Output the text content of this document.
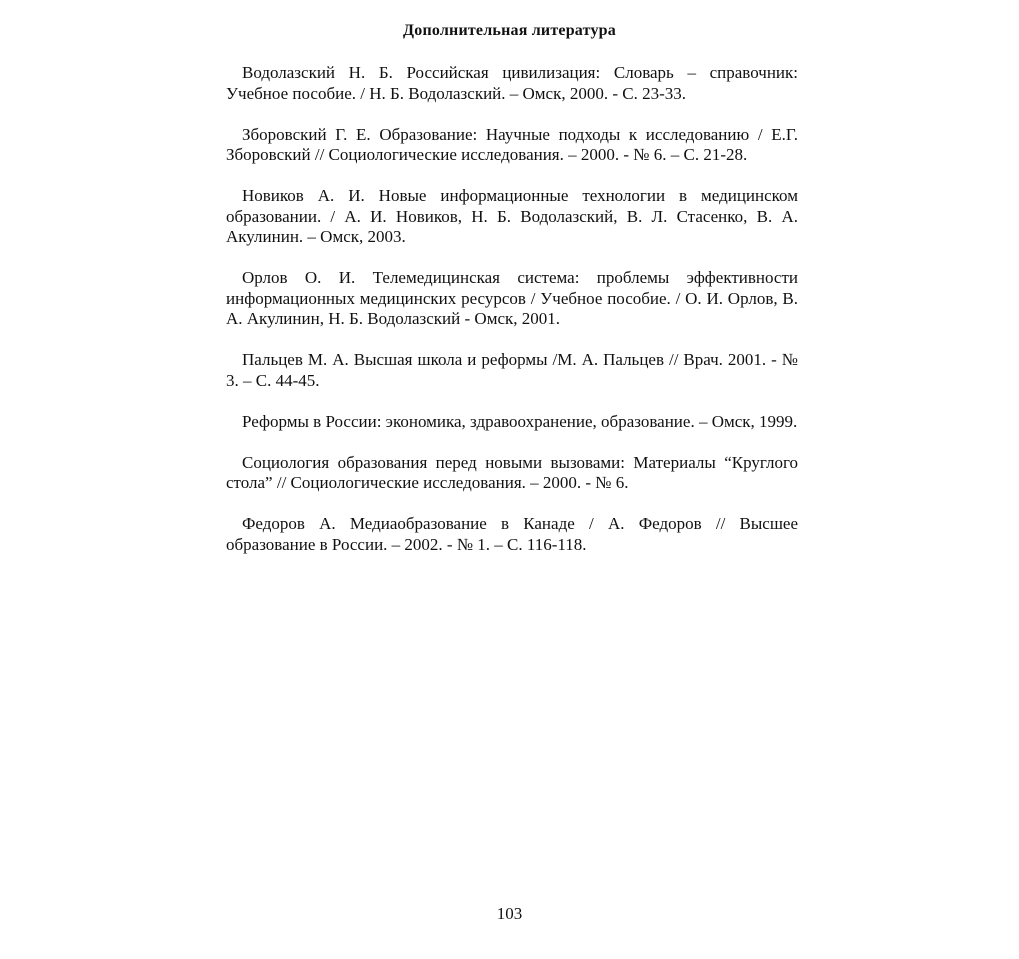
Дополнительная литература

Водолазский Н. Б. Российская цивилизация: Словарь – справочник: Учебное пособие. / Н. Б. Водолазский. – Омск, 2000. - С. 23-33.

Зборовский Г. Е. Образование: Научные подходы к исследованию / Е.Г. Зборовский // Социологические исследования. – 2000. - № 6. – С. 21-28.

Новиков А. И. Новые информационные технологии в медицинском образовании. / А. И. Новиков, Н. Б. Водолазский, В. Л. Стасенко, В. А. Акулинин. – Омск, 2003.

Орлов О. И. Телемедицинская система: проблемы эффективности информационных медицинских ресурсов / Учебное пособие. / О. И. Орлов, В. А. Акулинин, Н. Б. Водолазский - Омск, 2001.

Пальцев М. А. Высшая школа и реформы /М. А. Пальцев // Врач. 2001. - № 3. – С. 44-45.

Реформы в России: экономика, здравоохранение, образование. – Омск, 1999.

Социология образования перед новыми вызовами: Материалы “Круглого стола” // Социологические исследования. – 2000. - № 6.

Федоров А. Медиаобразование в Канаде / А. Федоров // Высшее образование в России. – 2002. - № 1. – С. 116-118.

103
